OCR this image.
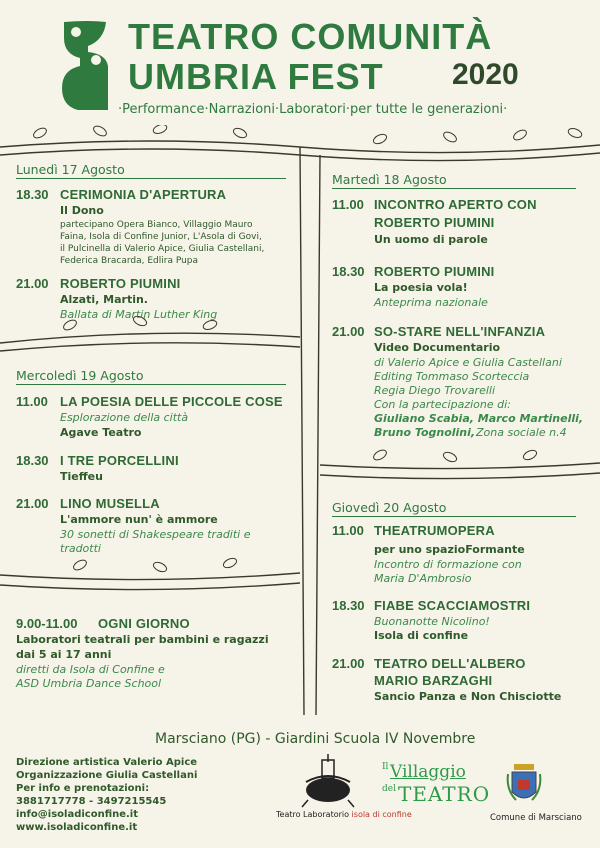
TEATRO COMUNITÀ
UMBRIA FEST 2020
·Performance·Narrazioni·Laboratori·per tutte le generazioni·
Lunedì 17 Agosto
18.30 CERIMONIA D'APERTURA
Il Dono
partecipano Opera Bianco, Villaggio Mauro
Faina, Isola di Confine Junior, L'Asola di Govi,
il Pulcinella di Valerio Apice, Giulia Castellani,
Federica Bracarda, Edlira Pupa
21.00 ROBERTO PIUMINI
Alzati, Martin.
Ballata di Martin Luther King
Mercoledì 19 Agosto
11.00 LA POESIA DELLE PICCOLE COSE
Esplorazione della città
Agave Teatro
18.30 I TRE PORCELLINI
Tieffeu
21.00 LINO MUSELLA
L'ammore nun' è ammore
30 sonetti di Shakespeare traditi e
tradotti
9.00-11.00 OGNI GIORNO
Laboratori teatrali per bambini e ragazzi
dai 5 ai 17 anni
diretti da Isola di Confine e
ASD Umbria Dance School
Martedì 18 Agosto
11.00 INCONTRO APERTO CON
ROBERTO PIUMINI
Un uomo di parole
18.30 ROBERTO PIUMINI
La poesia vola!
Anteprima nazionale
21.00 SO-STARE NELL'INFANZIA
Video Documentario
di Valerio Apice e Giulia Castellani
Editing Tommaso Scorteccia
Regia Diego Trovarelli
Con la partecipazione di:
Giuliano Scabia, Marco Martinelli,
Bruno Tognolini, Zona sociale n.4
Giovedì 20 Agosto
11.00 THEATRUMOPERA
per uno spazioFormante
Incontro di formazione con
Maria D'Ambrosio
18.30 FIABE SCACCIAMOSTRI
Buonanotte Nicolino!
Isola di confine
21.00 TEATRO DELL'ALBERO
MARIO BARZAGHI
Sancio Panza e Non Chisciotte
Marsciano (PG) - Giardini Scuola IV Novembre
Direzione artistica Valerio Apice
Organizzazione Giulia Castellani
Per info e prenotazioni:
3881717778 - 3497215545
info@isoladiconfine.it
www.isoladiconfine.it
Teatro Laboratorio isola di confine
Il Villaggio
del TEATRO
Comune di Marsciano
